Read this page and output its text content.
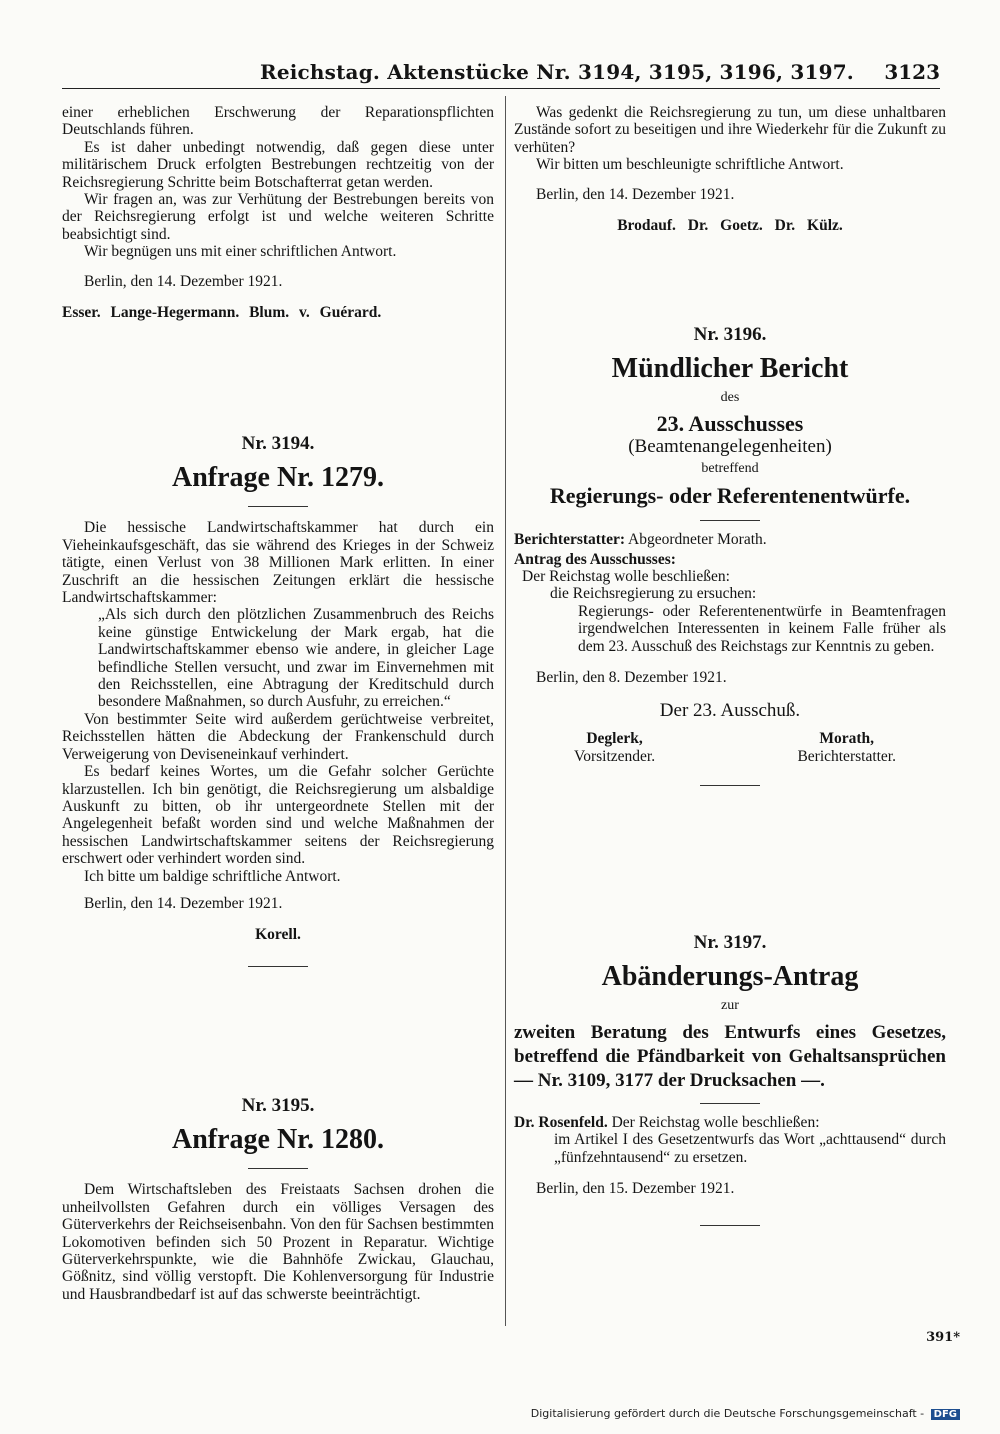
Reichstag. Aktenstücke Nr. 3194, 3195, 3196, 3197. 3123

einer erheblichen Erschwerung der Reparationspflichten Deutschlands führen.

Es ist daher unbedingt notwendig, daß gegen diese unter militärischem Druck erfolgten Bestrebungen rechtzeitig von der Reichsregierung Schritte beim Botschafterrat getan werden.

Wir fragen an, was zur Verhütung der Bestrebungen bereits von der Reichsregierung erfolgt ist und welche weiteren Schritte beabsichtigt sind.

Wir begnügen uns mit einer schriftlichen Antwort.

Berlin, den 14. Dezember 1921.

Esser. Lange-Hegermann. Blum. v. Guérard.

Nr. 3194.
Anfrage Nr. 1279.

Die hessische Landwirtschaftskammer hat durch ein Vieheinkaufsgeschäft, das sie während des Krieges in der Schweiz tätigte, einen Verlust von 38 Millionen Mark erlitten. In einer Zuschrift an die hessischen Zeitungen erklärt die hessische Landwirtschaftskammer:

„Als sich durch den plötzlichen Zusammenbruch des Reichs keine günstige Entwickelung der Mark ergab, hat die Landwirtschaftskammer ebenso wie andere, in gleicher Lage befindliche Stellen versucht, und zwar im Einvernehmen mit den Reichsstellen, eine Abtragung der Kreditschuld durch besondere Maßnahmen, so durch Ausfuhr, zu erreichen.“

Von bestimmter Seite wird außerdem gerüchtweise verbreitet, Reichsstellen hätten die Abdeckung der Frankenschuld durch Verweigerung von Deviseneinkauf verhindert.

Es bedarf keines Wortes, um die Gefahr solcher Gerüchte klarzustellen. Ich bin genötigt, die Reichsregierung um alsbaldige Auskunft zu bitten, ob ihr untergeordnete Stellen mit der Angelegenheit befaßt worden sind und welche Maßnahmen der hessischen Landwirtschaftskammer seitens der Reichsregierung erschwert oder verhindert worden sind.

Ich bitte um baldige schriftliche Antwort.

Berlin, den 14. Dezember 1921.

Korell.

Nr. 3195.
Anfrage Nr. 1280.

Dem Wirtschaftsleben des Freistaats Sachsen drohen die unheilvollsten Gefahren durch ein völliges Versagen des Güterverkehrs der Reichseisenbahn. Von den für Sachsen bestimmten Lokomotiven befinden sich 50 Prozent in Reparatur. Wichtige Güterverkehrspunkte, wie die Bahnhöfe Zwickau, Glauchau, Gößnitz, sind völlig verstopft. Die Kohlenversorgung für Industrie und Hausbrandbedarf ist auf das schwerste beeinträchtigt.

Was gedenkt die Reichsregierung zu tun, um diese unhaltbaren Zustände sofort zu beseitigen und ihre Wiederkehr für die Zukunft zu verhüten?

Wir bitten um beschleunigte schriftliche Antwort.

Berlin, den 14. Dezember 1921.

Brodauf. Dr. Goetz. Dr. Külz.

Nr. 3196.
Mündlicher Bericht
des
23. Ausschusses
(Beamtenangelegenheiten)
betreffend
Regierungs- oder Referentenentwürfe.

Berichterstatter: Abgeordneter Morath.

Antrag des Ausschusses:

Der Reichstag wolle beschließen:

die Reichsregierung zu ersuchen:

Regierungs- oder Referentenentwürfe in Beamtenfragen irgendwelchen Interessenten in keinem Falle früher als dem 23. Ausschuß des Reichstags zur Kenntnis zu geben.

Berlin, den 8. Dezember 1921.

Der 23. Ausschuß.

Deglerk,
Vorsitzender.
Morath,
Berichterstatter.
Nr. 3197.
Abänderungs-Antrag
zur

zweiten Beratung des Entwurfs eines Gesetzes, betreffend die Pfändbarkeit von Gehaltsansprüchen — Nr. 3109, 3177 der Drucksachen —.

Dr. Rosenfeld. Der Reichstag wolle beschließen:

im Artikel I des Gesetzentwurfs das Wort „achttausend“ durch „fünfzehntausend“ zu ersetzen.

Berlin, den 15. Dezember 1921.

391*
Digitalisierung gefördert durch die Deutsche Forschungsgemeinschaft - DFG
